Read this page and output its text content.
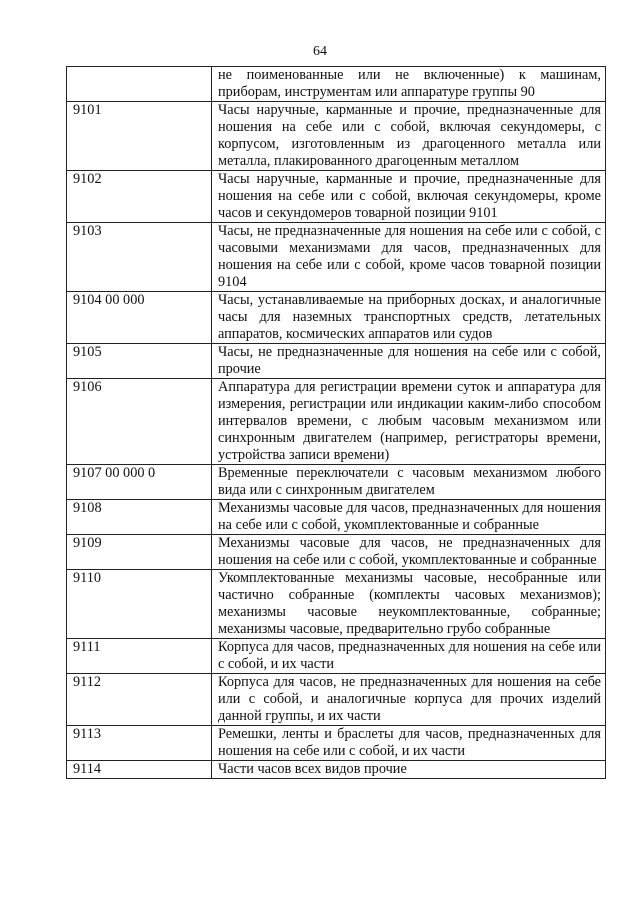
64
	не поименованные или не включенные) к машинам, приборам, инструментам или аппаратуре группы 90
9101	Часы наручные, карманные и прочие, предназначенные для ношения на себе или с собой, включая секундомеры, с корпусом, изготовленным из драгоценного металла или металла, плакированного драгоценным металлом
9102	Часы наручные, карманные и прочие, предназначенные для ношения на себе или с собой, включая секундомеры, кроме часов и секундомеров товарной позиции 9101
9103	Часы, не предназначенные для ношения на себе или с собой, с часовыми механизмами для часов, предназначенных для ношения на себе или с собой, кроме часов товарной позиции 9104
9104 00 000	Часы, устанавливаемые на приборных досках, и аналогичные часы для наземных транспортных средств, летательных аппаратов, космических аппаратов или судов
9105	Часы, не предназначенные для ношения на себе или с собой, прочие
9106	Аппаратура для регистрации времени суток и аппаратура для измерения, регистрации или индикации каким-либо способом интервалов времени, с любым часовым механизмом или синхронным двигателем (например, регистраторы времени, устройства записи времени)
9107 00 000 0	Временные переключатели с часовым механизмом любого вида или с синхронным двигателем
9108	Механизмы часовые для часов, предназначенных для ношения на себе или с собой, укомплектованные и собранные
9109	Механизмы часовые для часов, не предназначенных для ношения на себе или с собой, укомплектованные и собранные
9110	Укомплектованные механизмы часовые, несобранные или частично собранные (комплекты часовых механизмов); механизмы часовые неукомплектованные, собранные; механизмы часовые, предварительно грубо собранные
9111	Корпуса для часов, предназначенных для ношения на себе или с собой, и их части
9112	Корпуса для часов, не предназначенных для ношения на себе или с собой, и аналогичные корпуса для прочих изделий данной группы, и их части
9113	Ремешки, ленты и браслеты для часов, предназначенных для ношения на себе или с собой, и их части
9114	Части часов всех видов прочие
